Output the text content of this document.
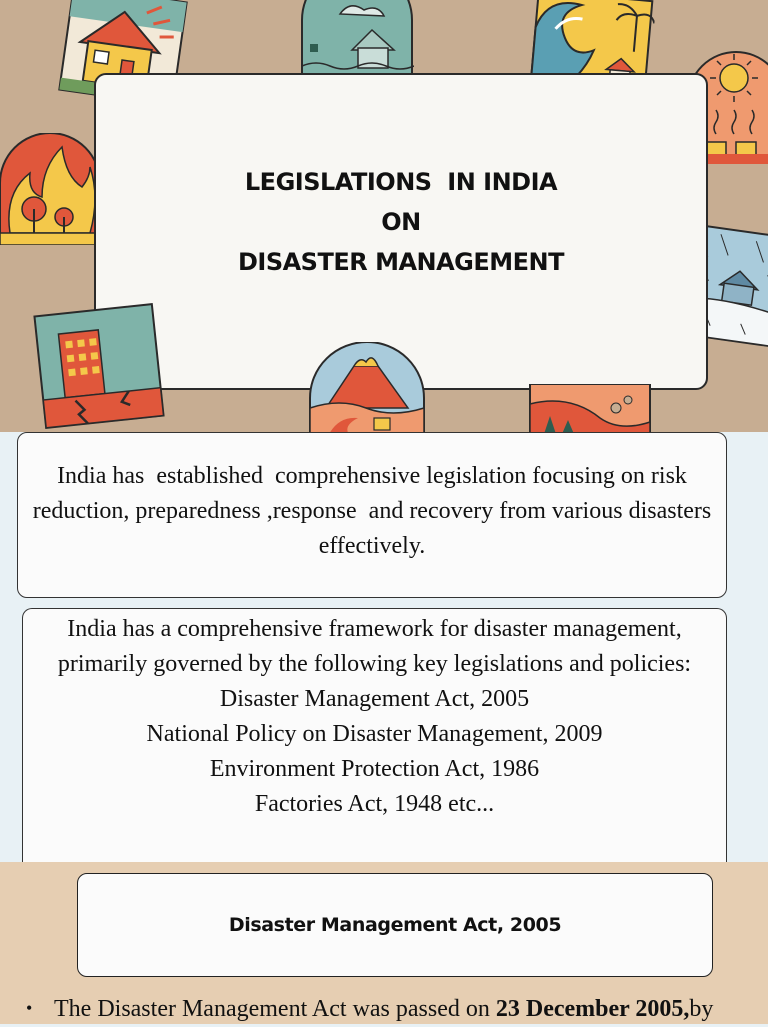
LEGISLATIONS  IN INDIA
ON
DISASTER MANAGEMENT
India has  established  comprehensive legislation focusing on risk reduction, preparedness ,response  and recovery from various disasters effectively.
India has a comprehensive framework for disaster management,
primarily governed by the following key legislations and policies:
Disaster Management Act, 2005
National Policy on Disaster Management, 2009
Environment Protection Act, 1986
Factories Act, 1948 etc...
Disaster Management Act, 2005
• The Disaster Management Act was passed on 23 December 2005,by
